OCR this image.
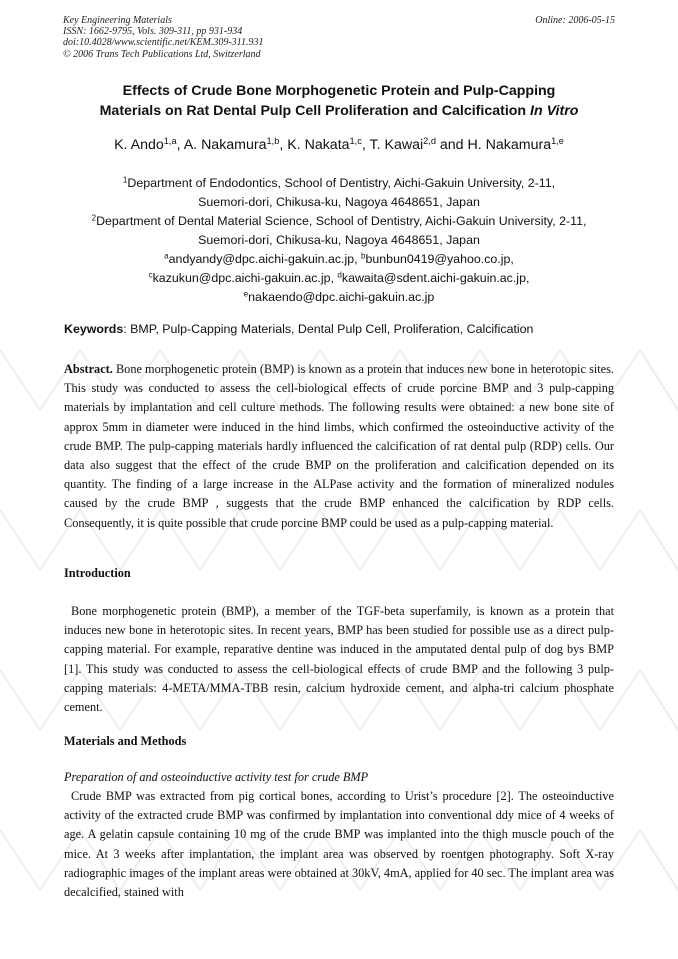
Key Engineering Materials
ISSN: 1662-9795, Vols. 309-311, pp 931-934
doi:10.4028/www.scientific.net/KEM.309-311.931
© 2006 Trans Tech Publications Ltd, Switzerland
Online: 2006-05-15
Effects of Crude Bone Morphogenetic Protein and Pulp-Capping
Materials on Rat Dental Pulp Cell Proliferation and Calcification In Vitro
K. Ando$^{1,a}$, A. Nakamura$^{1,b}$, K. Nakata$^{1,c}$, T. Kawai$^{2,d}$ and H. Nakamura$^{1,e}$
$^1$Department of Endodontics, School of Dentistry, Aichi-Gakuin University, 2-11,
Suemori-dori, Chikusa-ku, Nagoya 4648651, Japan
$^2$Department of Dental Material Science, School of Dentistry, Aichi-Gakuin University, 2-11,
Suemori-dori, Chikusa-ku, Nagoya 4648651, Japan
$^a$andyandy@dpc.aichi-gakuin.ac.jp, $^b$bunbun0419@yahoo.co.jp,
$^c$kazukun@dpc.aichi-gakuin.ac.jp, $^d$kawaita@sdent.aichi-gakuin.ac.jp,
$^e$nakaendo@dpc.aichi-gakuin.ac.jp
Keywords: BMP, Pulp-Capping Materials, Dental Pulp Cell, Proliferation, Calcification
Abstract. Bone morphogenetic protein (BMP) is known as a protein that induces new bone in heterotopic sites. This study was conducted to assess the cell-biological effects of crude porcine BMP and 3 pulp-capping materials by implantation and cell culture methods. The following results were obtained: a new bone site of approx 5mm in diameter were induced in the hind limbs, which confirmed the osteoinductive activity of the crude BMP. The pulp-capping materials hardly influenced the calcification of rat dental pulp (RDP) cells. Our data also suggest that the effect of the crude BMP on the proliferation and calcification depended on its quantity. The finding of a large increase in the ALPase activity and the formation of mineralized nodules caused by the crude BMP , suggests that the crude BMP enhanced the calcification by RDP cells. Consequently, it is quite possible that crude porcine BMP could be used as a pulp-capping material.
Introduction
Bone morphogenetic protein (BMP), a member of the TGF-beta superfamily, is known as a protein that induces new bone in heterotopic sites. In recent years, BMP has been studied for possible use as a direct pulp-capping material. For example, reparative dentine was induced in the amputated dental pulp of dog bys BMP [1]. This study was conducted to assess the cell-biological effects of crude BMP and the following 3 pulp-capping materials: 4-META/MMA-TBB resin, calcium hydroxide cement, and alpha-tri calcium phosphate cement.
Materials and Methods
Preparation of and osteoinductive activity test for crude BMP
Crude BMP was extracted from pig cortical bones, according to Urist’s procedure [2]. The osteoinductive activity of the extracted crude BMP was confirmed by implantation into conventional ddy mice of 4 weeks of age. A gelatin capsule containing 10 mg of the crude BMP was implanted into the thigh muscle pouch of the mice. At 3 weeks after implantation, the implant area was observed by roentgen photography. Soft X-ray radiographic images of the implant areas were obtained at 30kV, 4mA, applied for 40 sec. The implant area was decalcified, stained with
